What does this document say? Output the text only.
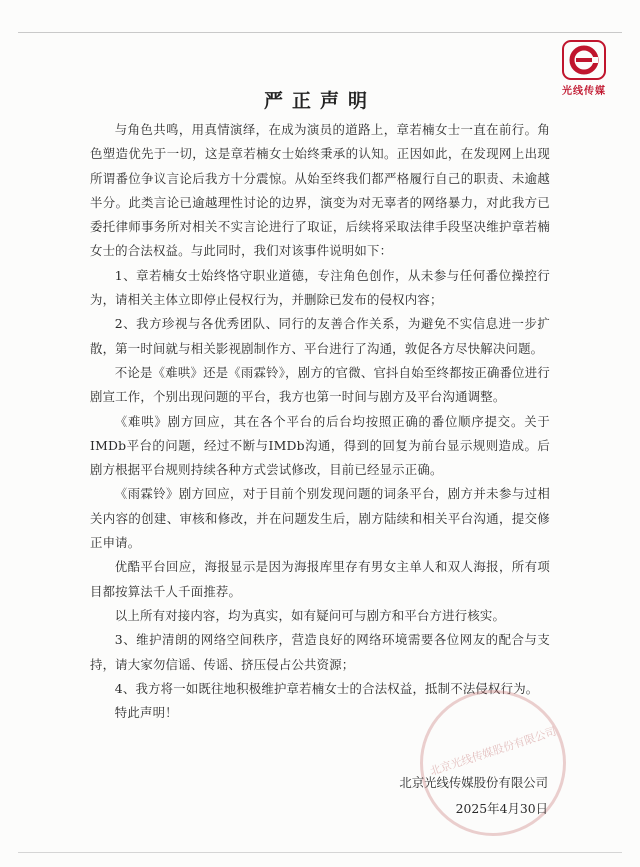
光线传媒
严正声明

与角色共鸣，用真情演绎，在成为演员的道路上，章若楠女士一直在前行。角色塑造优先于一切，这是章若楠女士始终秉承的认知。正因如此，在发现网上出现所谓番位争议言论后我方十分震惊。从始至终我们都严格履行自己的职责、未逾越半分。此类言论已逾越理性讨论的边界，演变为对无辜者的网络暴力，对此我方已委托律师事务所对相关不实言论进行了取证，后续将采取法律手段坚决维护章若楠女士的合法权益。与此同时，我们对该事件说明如下：

1、章若楠女士始终恪守职业道德，专注角色创作，从未参与任何番位操控行为，请相关主体立即停止侵权行为，并删除已发布的侵权内容；

2、我方珍视与各优秀团队、同行的友善合作关系，为避免不实信息进一步扩散，第一时间就与相关影视剧制作方、平台进行了沟通，敦促各方尽快解决问题。

不论是《难哄》还是《雨霖铃》，剧方的官微、官抖自始至终都按正确番位进行剧宣工作，个别出现问题的平台，我方也第一时间与剧方及平台沟通调整。

《难哄》剧方回应，其在各个平台的后台均按照正确的番位顺序提交。关于IMDb平台的问题，经过不断与IMDb沟通，得到的回复为前台显示规则造成。后剧方根据平台规则持续各种方式尝试修改，目前已经显示正确。

《雨霖铃》剧方回应，对于目前个别发现问题的词条平台，剧方并未参与过相关内容的创建、审核和修改，并在问题发生后，剧方陆续和相关平台沟通，提交修正申请。

优酷平台回应，海报显示是因为海报库里存有男女主单人和双人海报，所有项目都按算法千人千面推荐。

以上所有对接内容，均为真实，如有疑问可与剧方和平台方进行核实。

3、维护清朗的网络空间秩序，营造良好的网络环境需要各位网友的配合与支持，请大家勿信谣、传谣、挤压侵占公共资源；

4、我方将一如既往地积极维护章若楠女士的合法权益，抵制不法侵权行为。

特此声明！

北京光线传媒股份有限公司
北京光线传媒股份有限公司
2025年4月30日
